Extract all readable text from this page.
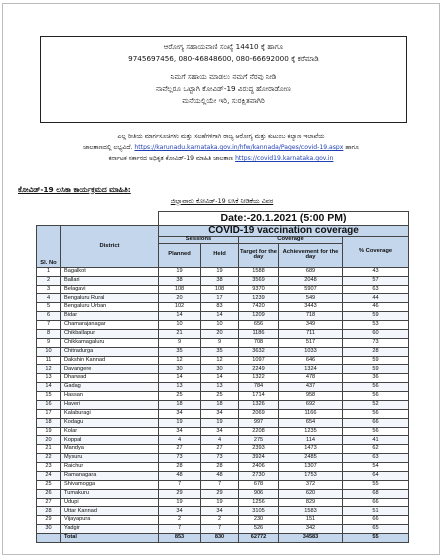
ಆರೋಗ್ಯ ಸಹಾಯವಾಣಿ ಸಂಖ್ಯೆ 14410 ಕ್ಕೆ ಹಾಗೂ
9745697456, 080-46848600, 080-66692000 ಕ್ಕೆ ಕರೆಮಾಡಿ
ನಿಮಗೆ ಸಹಾಯ ಮಾಡಲು ನಮಗೆ ನೆರವು ನೀಡಿ
ನಾವೆಲ್ಲರೂ ಒಟ್ಟಾಗಿ ಕೋವಿಡ್-19 ವಿರುದ್ಧ ಹೋರಾಡೋಣ
ಮನೆಯಲ್ಲಿಯೇ ಇರಿ, ಸುರಕ್ಷಿತವಾಗಿರಿ
ಎಲ್ಲ ರೀತಿಯ ಮಾರ್ಗಸೂಚಿಗಳು ಮತ್ತು ಸಲಹೆಗಳಿಗಾಗಿ ರಾಜ್ಯ ಆರೋಗ್ಯ ಮತ್ತು ಕುಟುಂಬ ಕಲ್ಯಾಣ ಇಲಾಖೆಯ
ಜಾಲತಾಣದಲ್ಲಿ ಲಭ್ಯವಿದೆ. https://karunadu.karnataka.gov.in/hfw/kannada/Pages/covid-19.aspx ಹಾಗೂ
ಕರ್ನಾಟಕ ಸರ್ಕಾರದ ಅಧಿಕೃತ ಕೋವಿಡ್-19 ಮಾಹಿತಿ ಜಾಲತಾಣ https://covid19.karnataka.gov.in
ಕೋವಿಡ್-19 ಲಸಿಕಾ ಕಾರ್ಯಕ್ರಮದ ಮಾಹಿತಿ:
ಜಿಲ್ಲಾವಾರು ಕೋವಿಡ್-19 ಲಸಿಕೆ ನೀಡಿಕೆಯ ವಿವರ
		Date:-20.1.2021 (5:00 PM)				
Sl. No	District	COVID-19 vaccination coverage				
		Sessions		Coverage		% Coverage
		Planned	Held	Target for the day	Achievement for the day	
1	Bagalkot	19	19	1588	689	43
2	Ballari	38	38	3569	2048	57
3	Belagavi	108	108	9370	5907	63
4	Bengaluru Rural	20	17	1239	549	44
5	Bengaluru Urban	102	83	7420	3443	46
6	Bidar	14	14	1209	718	59
7	Chamarajanagar	10	10	656	349	53
8	Chikballapur	21	20	1186	711	60
9	Chikkamagaluru	9	9	708	517	73
10	Chitradurga	35	35	3632	1033	28
11	Dakshin Kannad	12	12	1097	646	59
12	Davangere	30	30	2249	1324	59
13	Dharwad	14	14	1322	478	36
14	Gadag	13	13	784	437	56
15	Hassan	25	25	1714	958	56
16	Haveri	18	18	1326	692	52
17	Kalaburagi	34	34	2069	1166	56
18	Kodagu	19	19	997	654	66
19	Kolar	34	34	2208	1235	56
20	Koppal	4	4	275	114	41
21	Mandya	27	27	2393	1473	62
22	Mysuru	73	73	3924	2485	63
23	Raichur	28	28	2406	1307	54
24	Ramanagara	48	48	2730	1753	64
25	Shivamogga	7	7	678	372	55
26	Tumakuru	29	29	906	620	68
27	Udupi	19	19	1256	829	66
28	Uttar Kannad	34	34	3105	1583	51
29	Vijayapura	2	2	230	151	66
30	Yadgir	7	7	526	342	65
	Total	853	830	62772	34583	55
